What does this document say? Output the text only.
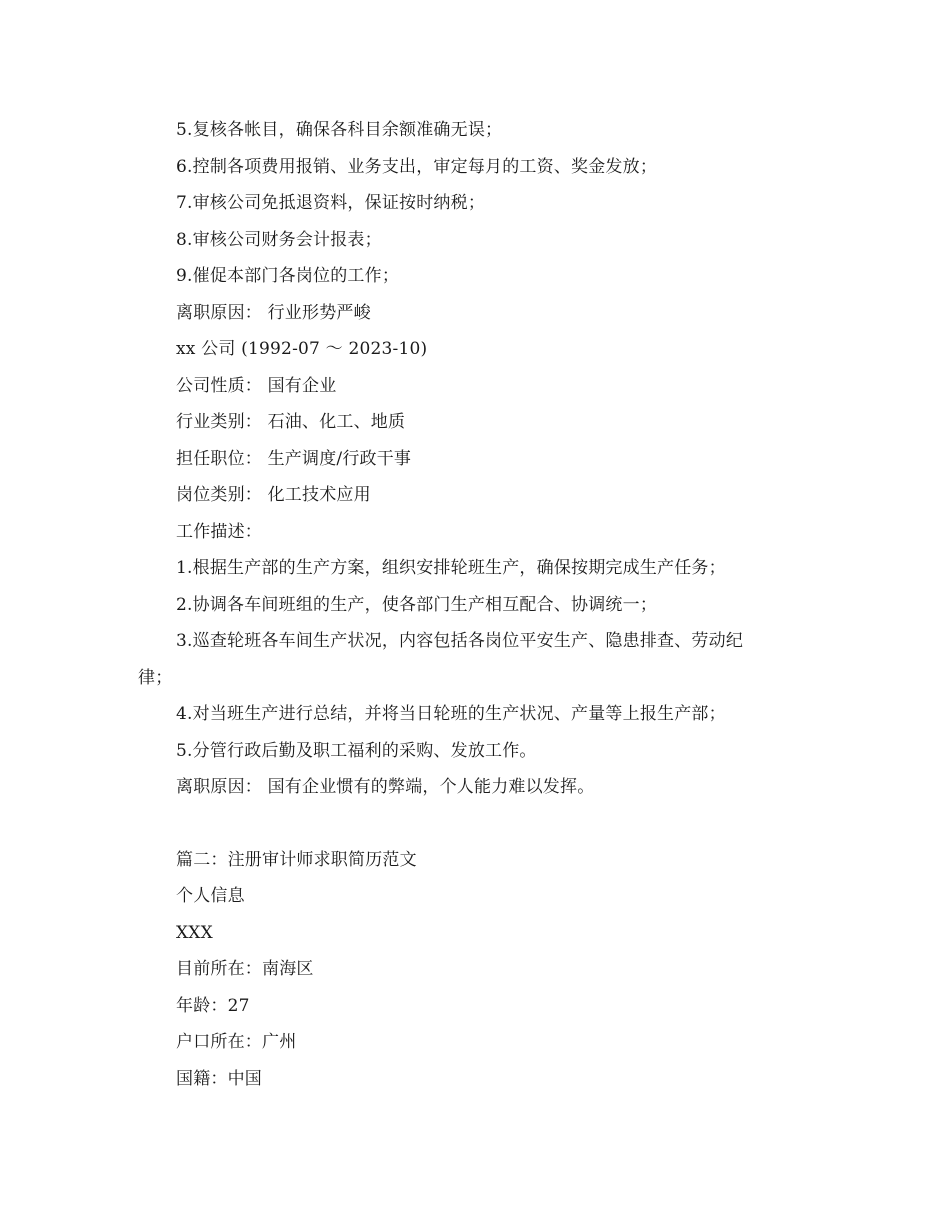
5.复核各帐目，确保各科目余额准确无误；
6.控制各项费用报销、业务支出，审定每月的工资、奖金发放；
7.审核公司免抵退资料，保证按时纳税；
8.审核公司财务会计报表；
9.催促本部门各岗位的工作；
离职原因： 行业形势严峻
xx 公司 (1992-07 ～ 2023-10)
公司性质： 国有企业
行业类别： 石油、化工、地质
担任职位： 生产调度/行政干事
岗位类别： 化工技术应用
工作描述：
1.根据生产部的生产方案，组织安排轮班生产，确保按期完成生产任务；
2.协调各车间班组的生产，使各部门生产相互配合、协调统一；
3.巡查轮班各车间生产状况，内容包括各岗位平安生产、隐患排查、劳动纪
律；
4.对当班生产进行总结，并将当日轮班的生产状况、产量等上报生产部；
5.分管行政后勤及职工福利的采购、发放工作。
离职原因： 国有企业惯有的弊端，个人能力难以发挥。
篇二：注册审计师求职简历范文
个人信息
XXX
目前所在：南海区
年龄：27
户口所在：广州
国籍：中国
